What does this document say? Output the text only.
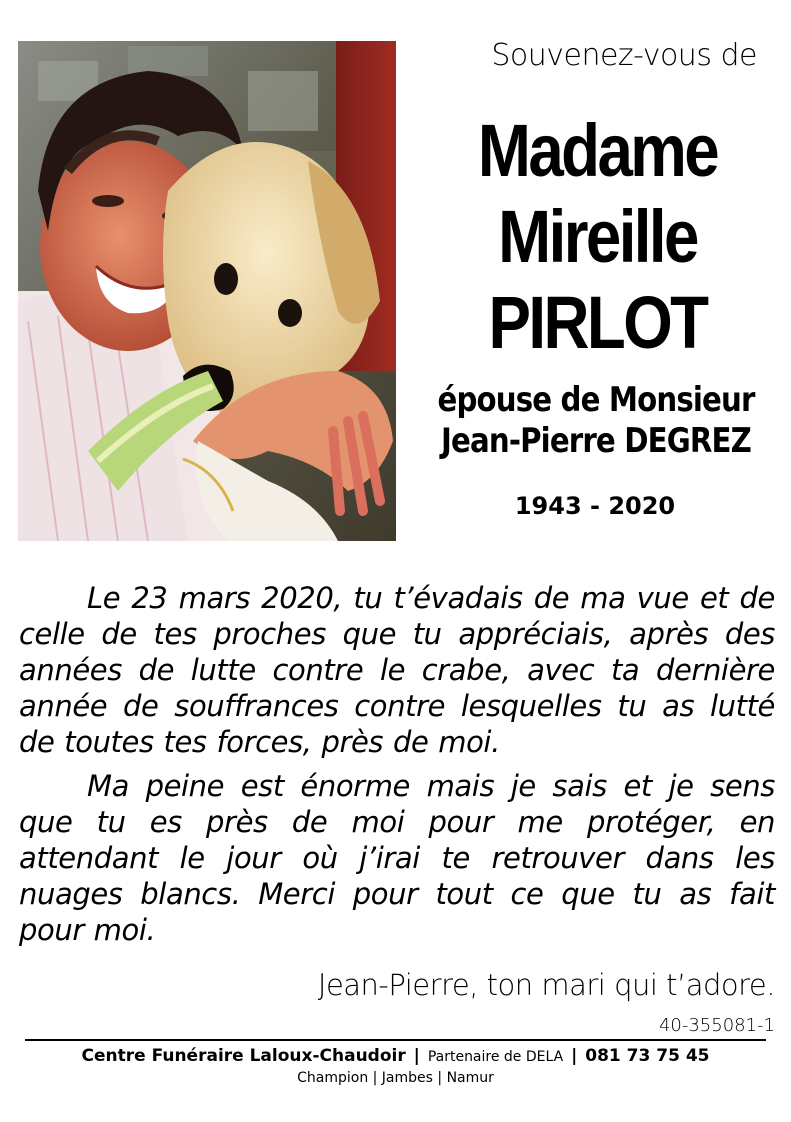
Souvenez-vous de
Madame
Mireille
PIRLOT
épouse de Monsieur
Jean-Pierre DEGREZ
1943 - 2020

Le 23 mars 2020, tu t’évadais de ma vue et de celle de tes proches que tu appréciais, après des années de lutte contre le crabe, avec ta dernière année de souffrances contre lesquelles tu as lutté de toutes tes forces, près de moi.

Ma peine est énorme mais je sais et je sens que tu es près de moi pour me protéger, en attendant le jour où j’irai te retrouver dans les nuages blancs. Merci pour tout ce que tu as fait pour moi.

Jean-Pierre, ton mari qui t’adore.
40-355081-1
Centre Funéraire Laloux-Chaudoir | Partenaire de DELA | 081 73 75 45
Champion | Jambes | Namur
